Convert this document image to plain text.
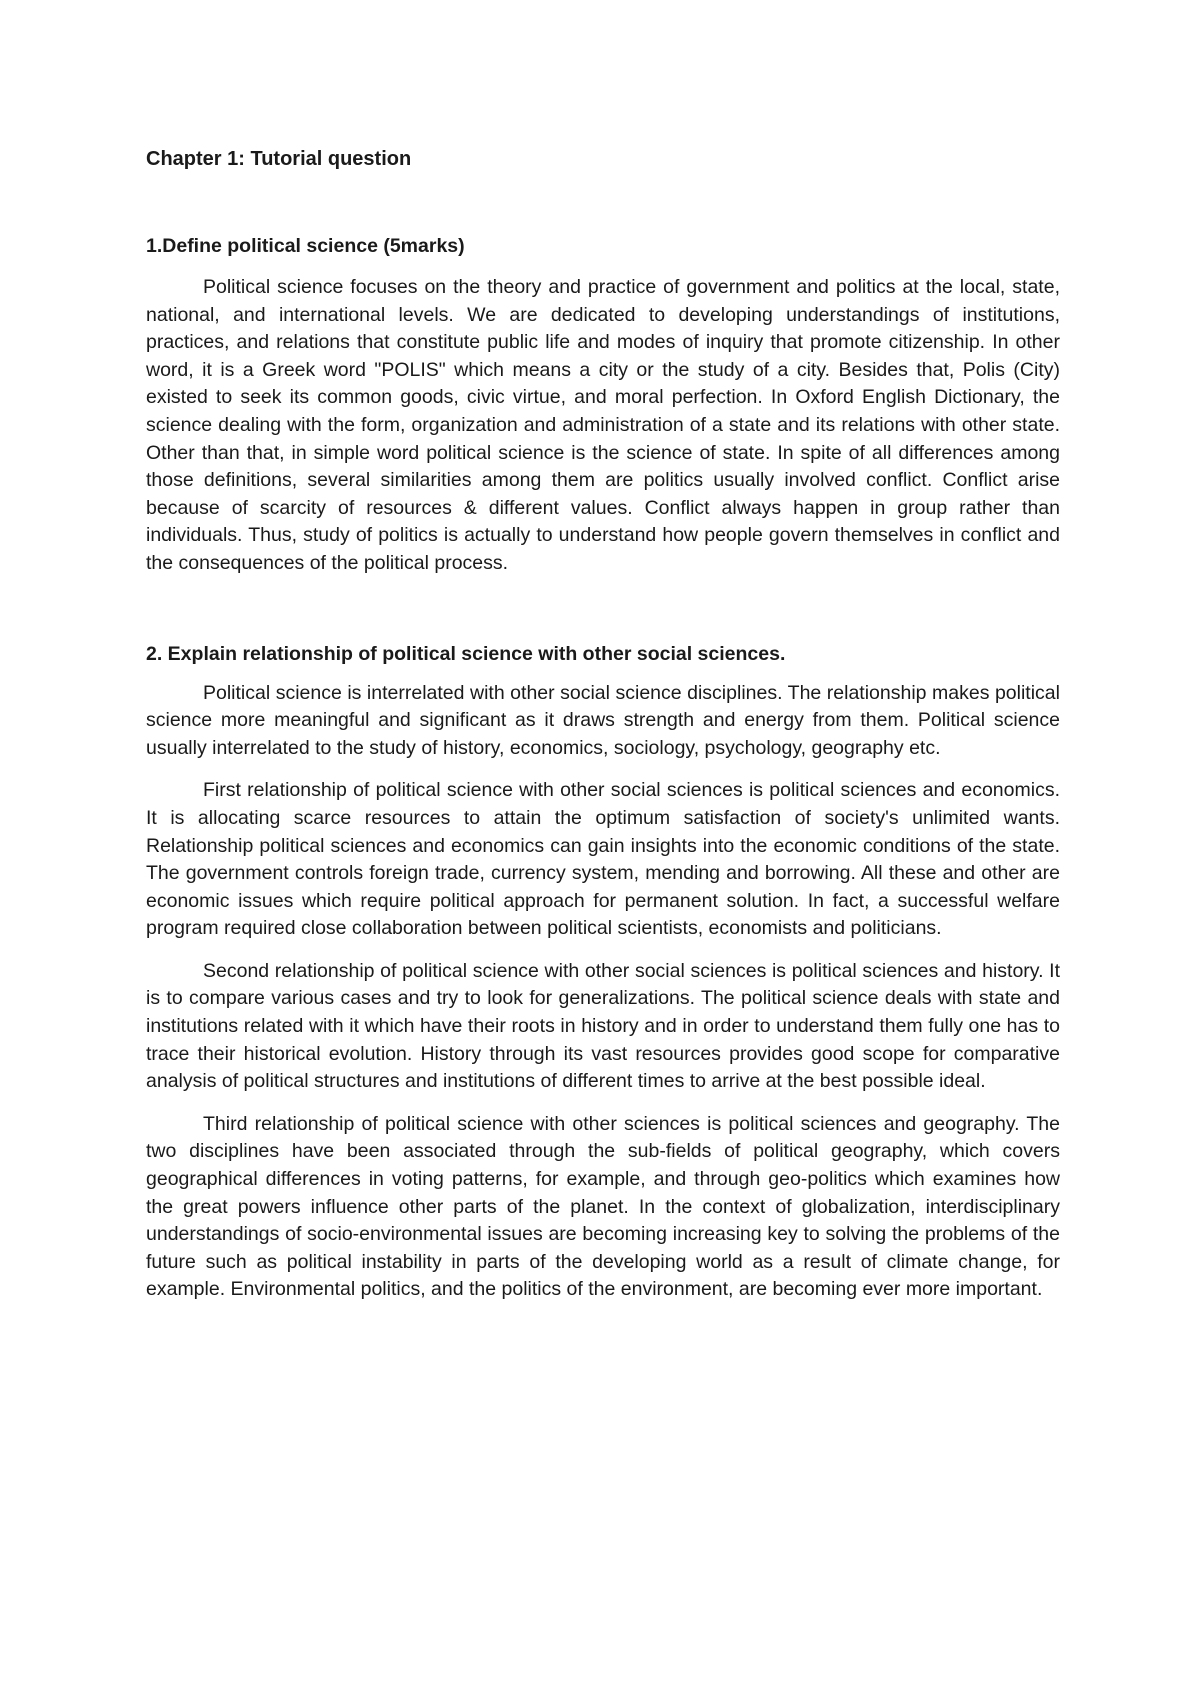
Chapter 1: Tutorial question

1.Define political science (5marks)

Political science focuses on the theory and practice of government and politics at the local, state, national, and international levels. We are dedicated to developing understandings of institutions, practices, and relations that constitute public life and modes of inquiry that promote citizenship. In other word, it is a Greek word "POLIS" which means a city or the study of a city. Besides that, Polis (City) existed to seek its common goods, civic virtue, and moral perfection. In Oxford English Dictionary, the science dealing with the form, organization and administration of a state and its relations with other state. Other than that, in simple word political science is the science of state. In spite of all differences among those definitions, several similarities among them are politics usually involved conflict. Conflict arise because of scarcity of resources & different values. Conflict always happen in group rather than individuals. Thus, study of politics is actually to understand how people govern themselves in conflict and the consequences of the political process.

2. Explain relationship of political science with other social sciences.

Political science is interrelated with other social science disciplines. The relationship makes political science more meaningful and significant as it draws strength and energy from them. Political science usually interrelated to the study of history, economics, sociology, psychology, geography etc.

First relationship of political science with other social sciences is political sciences and economics. It is allocating scarce resources to attain the optimum satisfaction of society's unlimited wants. Relationship political sciences and economics can gain insights into the economic conditions of the state. The government controls foreign trade, currency system, mending and borrowing. All these and other are economic issues which require political approach for permanent solution. In fact, a successful welfare program required close collaboration between political scientists, economists and politicians.

Second relationship of political science with other social sciences is political sciences and history. It is to compare various cases and try to look for generalizations. The political science deals with state and institutions related with it which have their roots in history and in order to understand them fully one has to trace their historical evolution. History through its vast resources provides good scope for comparative analysis of political structures and institutions of different times to arrive at the best possible ideal.

Third relationship of political science with other sciences is political sciences and geography. The two disciplines have been associated through the sub-fields of political geography, which covers geographical differences in voting patterns, for example, and through geo-politics which examines how the great powers influence other parts of the planet. In the context of globalization, interdisciplinary understandings of socio-environmental issues are becoming increasing key to solving the problems of the future such as political instability in parts of the developing world as a result of climate change, for example. Environmental politics, and the politics of the environment, are becoming ever more important.
